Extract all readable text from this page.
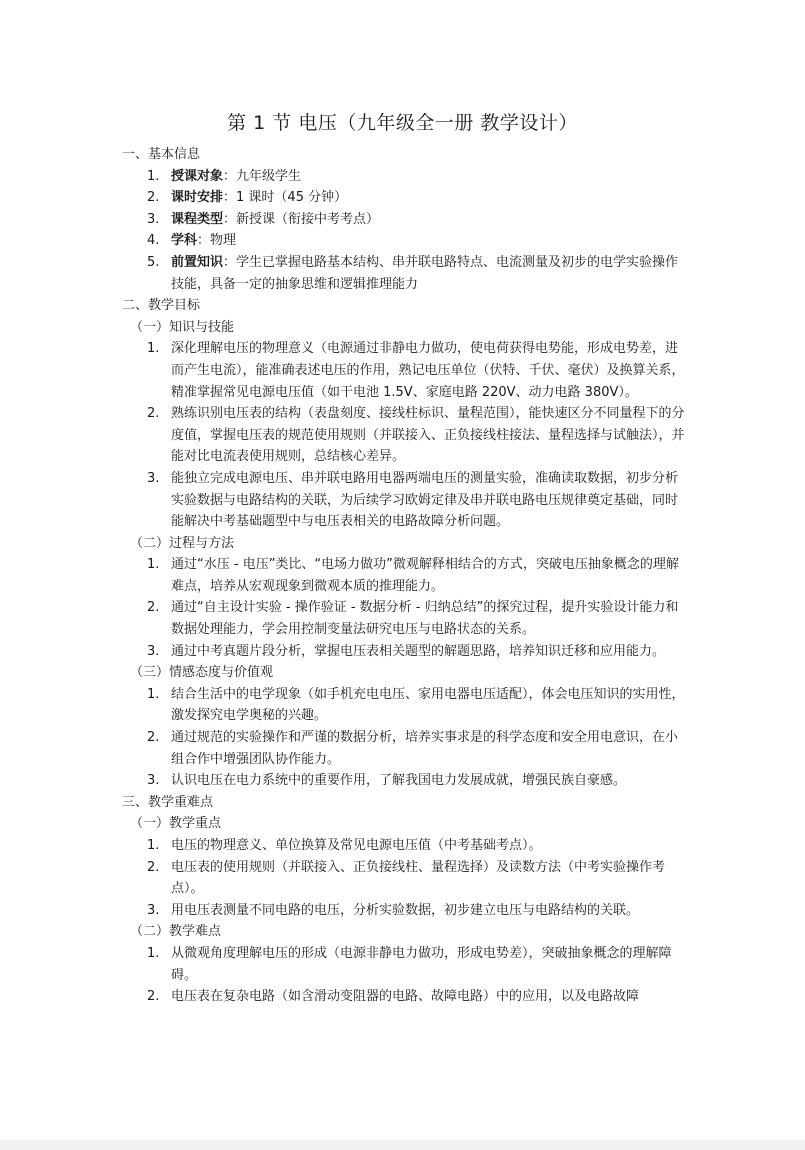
第 1 节 电压（九年级全一册 教学设计）
一、基本信息
1. 授课对象：九年级学生
2. 课时安排：1 课时（45 分钟）
3. 课程类型：新授课（衔接中考考点）
4. 学科：物理
5. 前置知识：学生已掌握电路基本结构、串并联电路特点、电流测量及初步的电学实验操作技能，具备一定的抽象思维和逻辑推理能力
二、教学目标
（一）知识与技能
1. 深化理解电压的物理意义（电源通过非静电力做功，使电荷获得电势能，形成电势差，进而产生电流），能准确表述电压的作用，熟记电压单位（伏特、千伏、毫伏）及换算关系，精准掌握常见电源电压值（如干电池 1.5V、家庭电路 220V、动力电路 380V）。
2. 熟练识别电压表的结构（表盘刻度、接线柱标识、量程范围），能快速区分不同量程下的分度值，掌握电压表的规范使用规则（并联接入、正负接线柱接法、量程选择与试触法），并能对比电流表使用规则，总结核心差异。
3. 能独立完成电源电压、串并联电路用电器两端电压的测量实验，准确读取数据，初步分析实验数据与电路结构的关联，为后续学习欧姆定律及串并联电路电压规律奠定基础，同时能解决中考基础题型中与电压表相关的电路故障分析问题。
（二）过程与方法
1. 通过“水压 - 电压”类比、“电场力做功”微观解释相结合的方式，突破电压抽象概念的理解难点，培养从宏观现象到微观本质的推理能力。
2. 通过“自主设计实验 - 操作验证 - 数据分析 - 归纳总结”的探究过程，提升实验设计能力和数据处理能力，学会用控制变量法研究电压与电路状态的关系。
3. 通过中考真题片段分析，掌握电压表相关题型的解题思路，培养知识迁移和应用能力。
（三）情感态度与价值观
1. 结合生活中的电学现象（如手机充电电压、家用电器电压适配），体会电压知识的实用性，激发探究电学奥秘的兴趣。
2. 通过规范的实验操作和严谨的数据分析，培养实事求是的科学态度和安全用电意识，在小组合作中增强团队协作能力。
3. 认识电压在电力系统中的重要作用，了解我国电力发展成就，增强民族自豪感。
三、教学重难点
（一）教学重点
1. 电压的物理意义、单位换算及常见电源电压值（中考基础考点）。
2. 电压表的使用规则（并联接入、正负接线柱、量程选择）及读数方法（中考实验操作考点）。
3. 用电压表测量不同电路的电压，分析实验数据，初步建立电压与电路结构的关联。
（二）教学难点
1. 从微观角度理解电压的形成（电源非静电力做功，形成电势差），突破抽象概念的理解障碍。
2. 电压表在复杂电路（如含滑动变阻器的电路、故障电路）中的应用，以及电路故障
